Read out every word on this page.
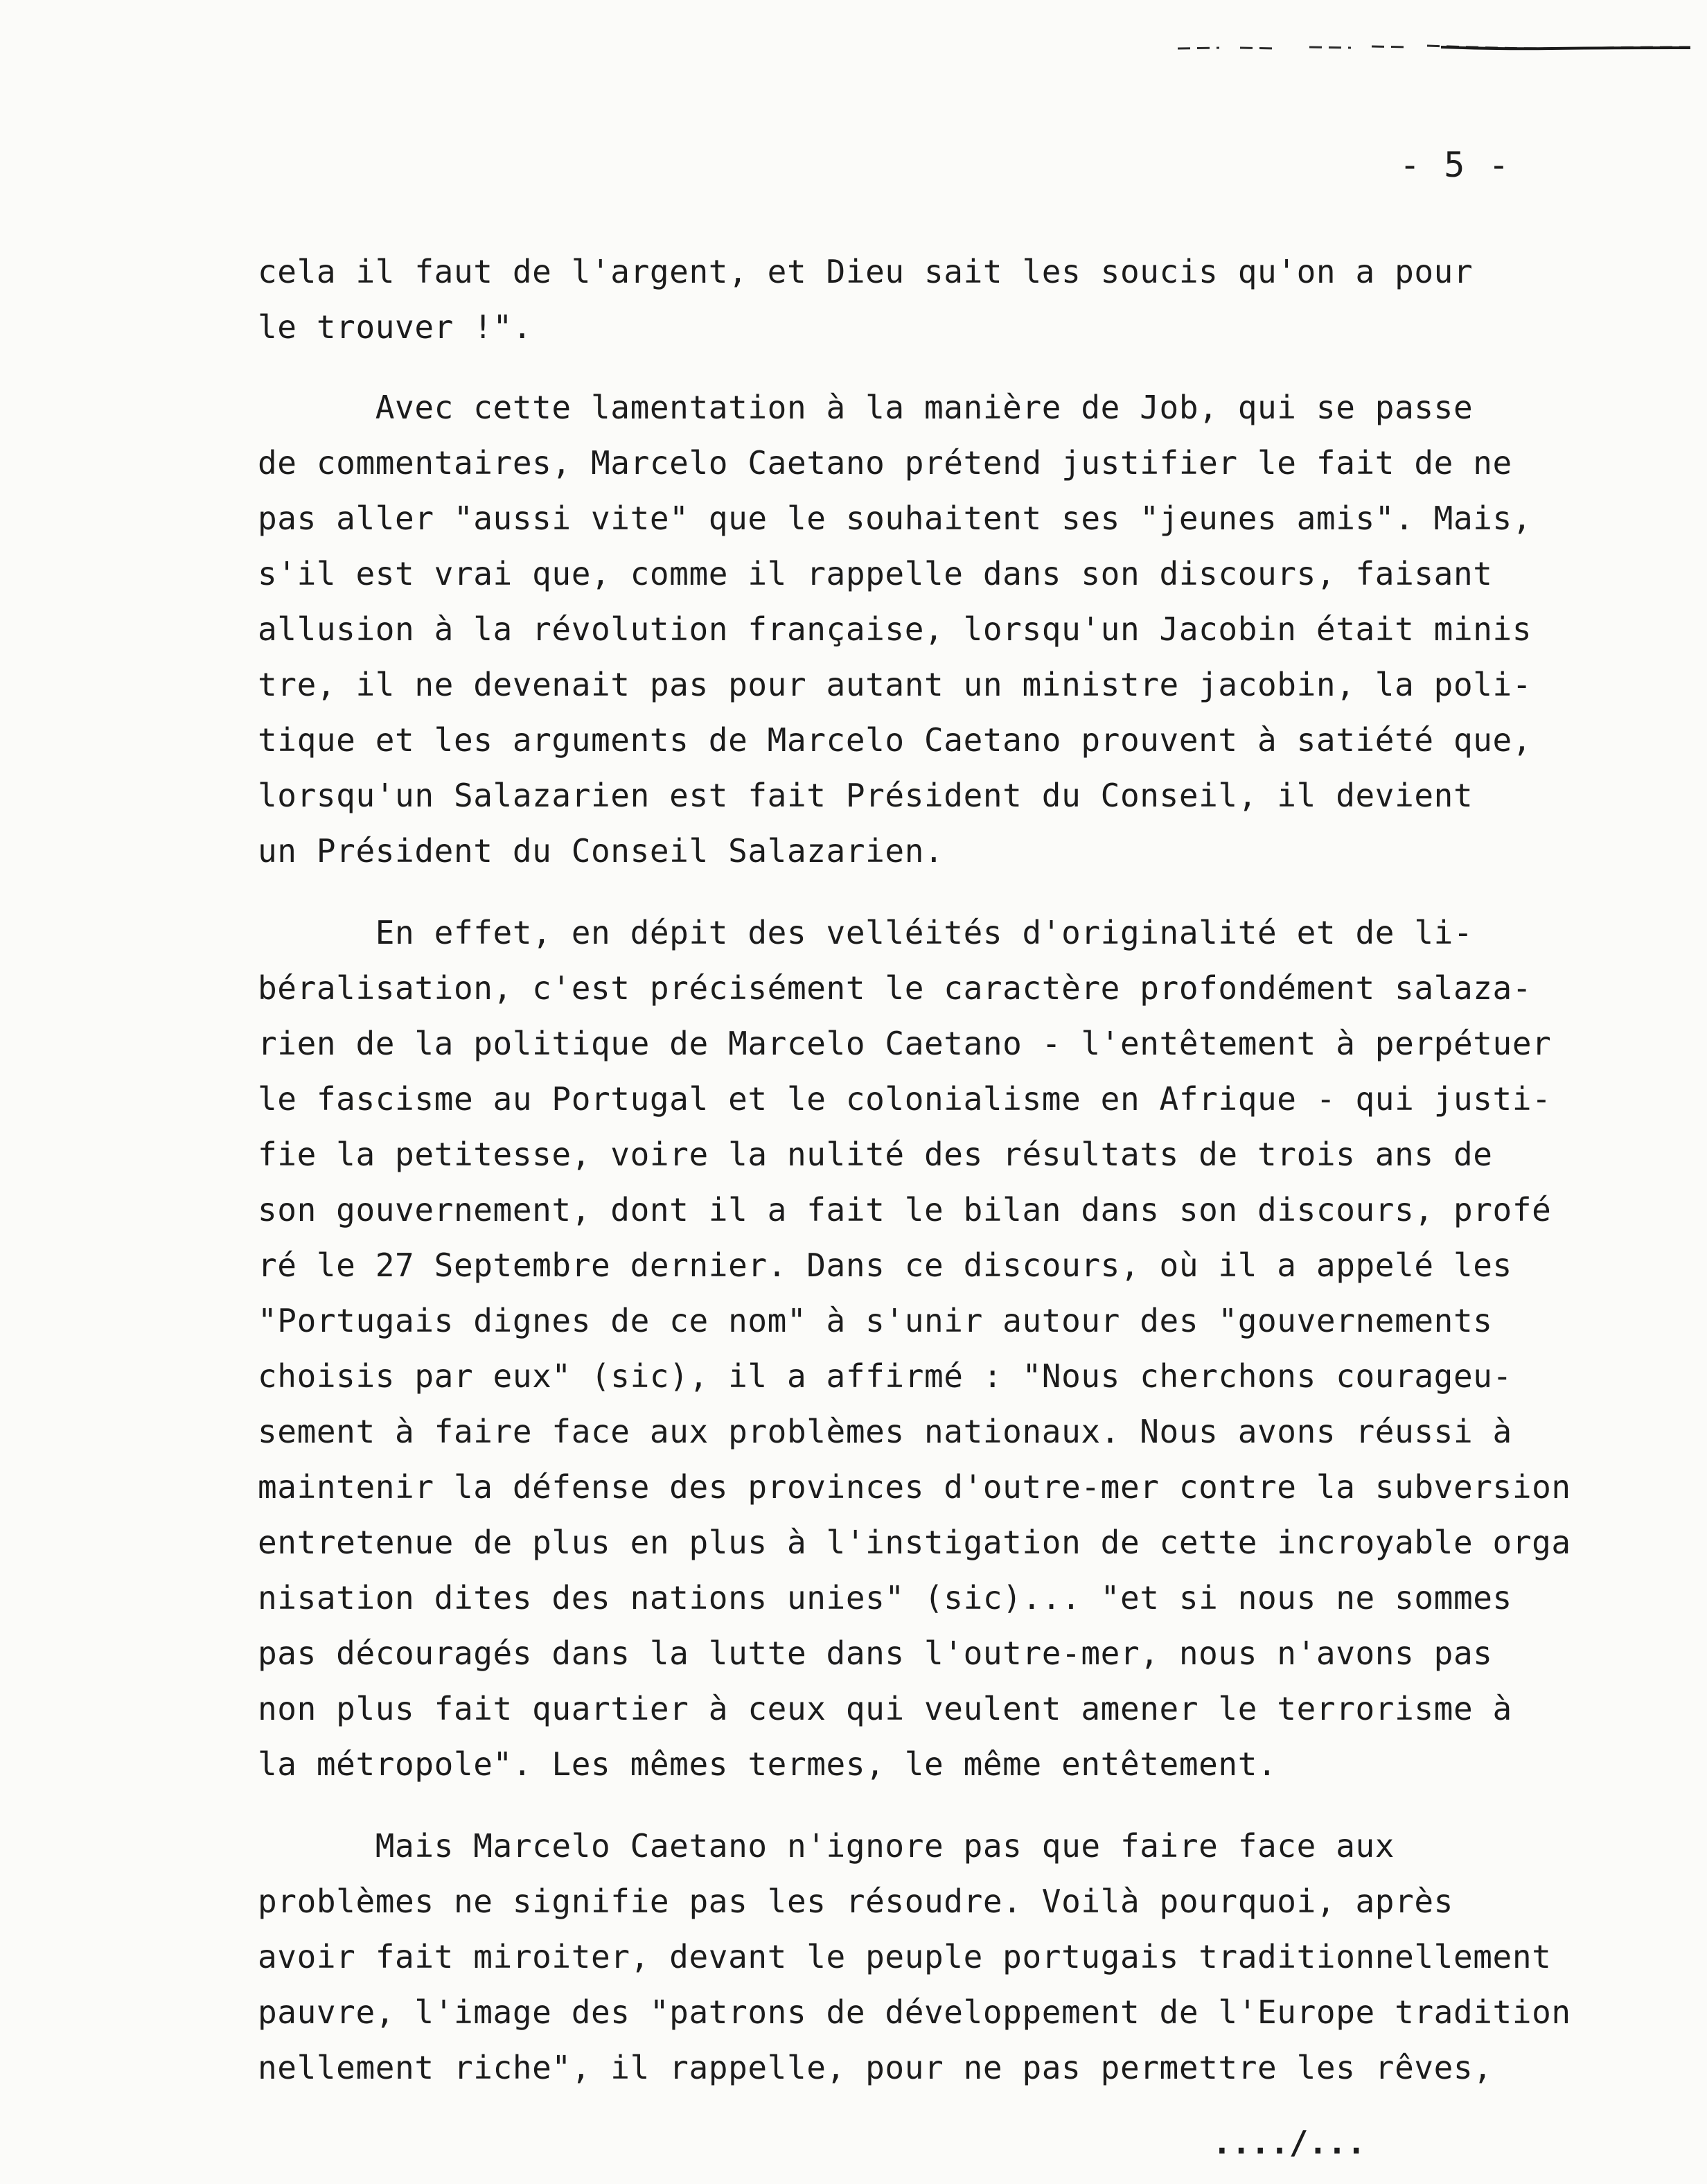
- 5 -
cela il faut de l'argent, et Dieu sait les soucis qu'on a pour
le trouver !".
Avec cette lamentation à la manière de Job, qui se passe
de commentaires, Marcelo Caetano prétend justifier le fait de ne
pas aller "aussi vite" que le souhaitent ses "jeunes amis". Mais,
s'il est vrai que, comme il rappelle dans son discours, faisant
allusion à la révolution française, lorsqu'un Jacobin était minis
tre, il ne devenait pas pour autant un ministre jacobin, la poli-
tique et les arguments de Marcelo Caetano prouvent à satiété que,
lorsqu'un Salazarien est fait Président du Conseil, il devient
un Président du Conseil Salazarien.
En effet, en dépit des velléités d'originalité et de li-
béralisation, c'est précisément le caractère profondément salaza-
rien de la politique de Marcelo Caetano - l'entêtement à perpétuer
le fascisme au Portugal et le colonialisme en Afrique - qui justi-
fie la petitesse, voire la nulité des résultats de trois ans de
son gouvernement, dont il a fait le bilan dans son discours, profé
ré le 27 Septembre dernier. Dans ce discours, où il a appelé les
"Portugais dignes de ce nom" à s'unir autour des "gouvernements
choisis par eux" (sic), il a affirmé : "Nous cherchons courageu-
sement à faire face aux problèmes nationaux. Nous avons réussi à
maintenir la défense des provinces d'outre-mer contre la subversion
entretenue de plus en plus à l'instigation de cette incroyable orga
nisation dites des nations unies" (sic)... "et si nous ne sommes
pas découragés dans la lutte dans l'outre-mer, nous n'avons pas
non plus fait quartier à ceux qui veulent amener le terrorisme à
la métropole". Les mêmes termes, le même entêtement.
Mais Marcelo Caetano n'ignore pas que faire face aux
problèmes ne signifie pas les résoudre. Voilà pourquoi, après
avoir fait miroiter, devant le peuple portugais traditionnellement
pauvre, l'image des "patrons de développement de l'Europe tradition
nellement riche", il rappelle, pour ne pas permettre les rêves,
..../...
